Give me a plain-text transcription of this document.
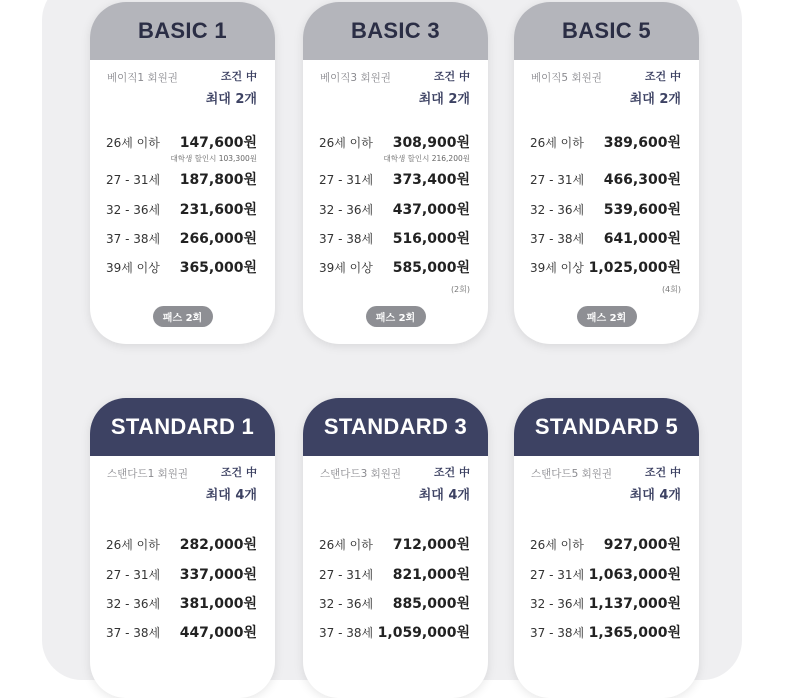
BASIC 1
베이직1 회원권	조건 中
최대 2개
26세 이하 147,600원
대학생 할인시 103,300원
27 - 31세 187,800원
32 - 36세 231,600원
37 - 38세 266,000원
39세 이상 365,000원
패스 2회
BASIC 3
베이직3 회원권	조건 中
최대 2개
26세 이하 308,900원
대학생 할인시 216,200원
27 - 31세 373,400원
32 - 36세 437,000원
37 - 38세 516,000원
39세 이상 585,000원
(2회)
패스 2회
BASIC 5
베이직5 회원권	조건 中
최대 2개
26세 이하 389,600원
27 - 31세 466,300원
32 - 36세 539,600원
37 - 38세 641,000원
39세 이상 1,025,000원
(4회)
패스 2회
STANDARD 1
스탠다드1 회원권	조건 中
최대 4개
26세 이하 282,000원
27 - 31세 337,000원
32 - 36세 381,000원
37 - 38세 447,000원
STANDARD 3
스탠다드3 회원권	조건 中
최대 4개
26세 이하 712,000원
27 - 31세 821,000원
32 - 36세 885,000원
37 - 38세 1,059,000원
STANDARD 5
스탠다드5 회원권	조건 中
최대 4개
26세 이하 927,000원
27 - 31세 1,063,000원
32 - 36세 1,137,000원
37 - 38세 1,365,000원
